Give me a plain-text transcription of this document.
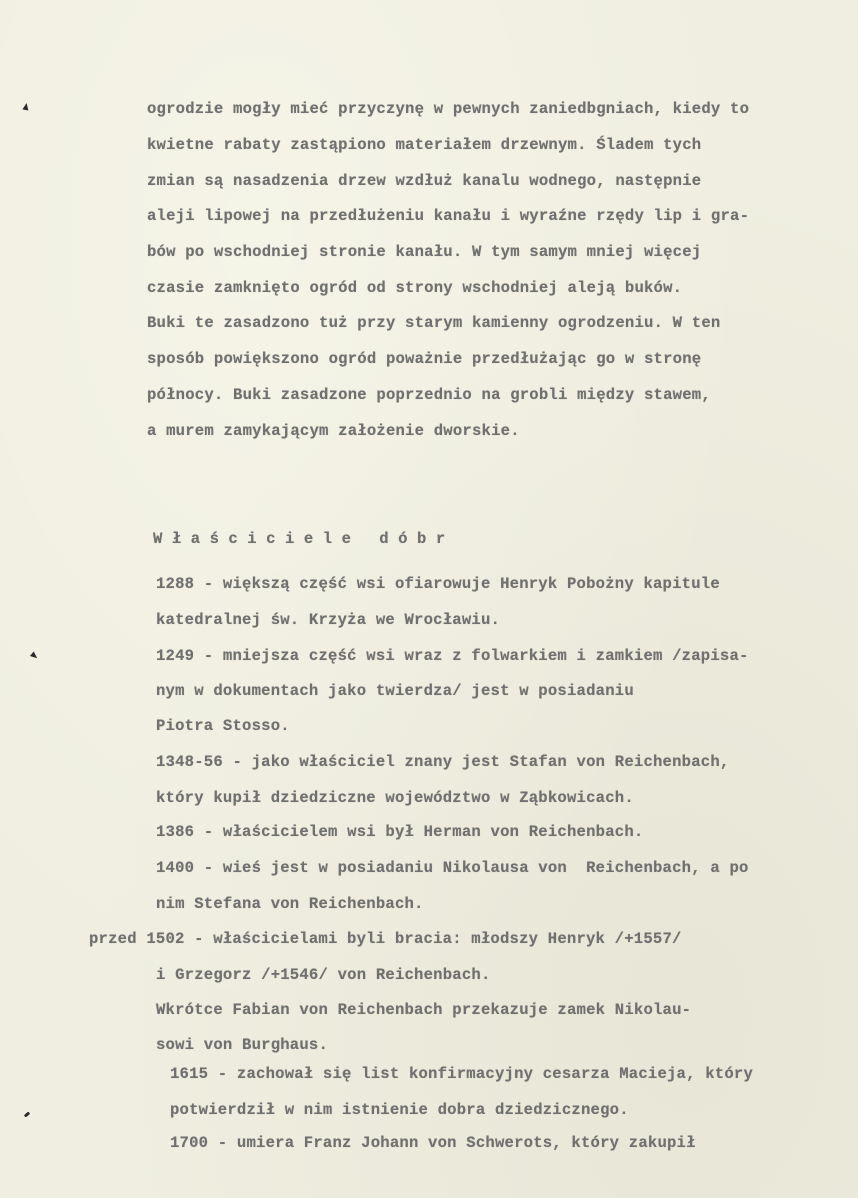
ogrodzie mogły mieć przyczynę w pewnych zaniedbgniach, kiedy to
kwietne rabaty zastąpiono materiałem drzewnym. Śladem tych
zmian są nasadzenia drzew wzdłuż kanalu wodnego, następnie
aleji lipowej na przedłużeniu kanału i wyraźne rzędy lip i gra-
bów po wschodniej stronie kanału. W tym samym mniej więcej
czasie zamknięto ogród od strony wschodniej aleją buków.
Buki te zasadzono tuż przy starym kamienny ogrodzeniu. W ten
sposób powiększono ogród poważnie przedłużając go w stronę
północy. Buki zasadzone poprzednio na grobli między stawem,
a murem zamykającym założenie dworskie.
Właściciele dóbr
1288 - większą część wsi ofiarowuje Henryk Pobożny kapitule
katedralnej św. Krzyża we Wrocławiu.
1249 - mniejsza część wsi wraz z folwarkiem i zamkiem /zapisa-
nym w dokumentach jako twierdza/ jest w posiadaniu
Piotra Stosso.
1348-56 - jako właściciel znany jest Stafan von Reichenbach,
który kupił dziedziczne województwo w Ząbkowicach.
1386 - właścicielem wsi był Herman von Reichenbach.
1400 - wieś jest w posiadaniu Nikolausa von  Reichenbach, a po
nim Stefana von Reichenbach.
przed 1502 - właścicielami byli bracia: młodszy Henryk /+1557/
i Grzegorz /+1546/ von Reichenbach.
Wkrótce Fabian von Reichenbach przekazuje zamek Nikolau-
sowi von Burghaus.
1615 - zachował się list konfirmacyjny cesarza Macieja, który
potwierdził w nim istnienie dobra dziedzicznego.
1700 - umiera Franz Johann von Schwerots, który zakupił
